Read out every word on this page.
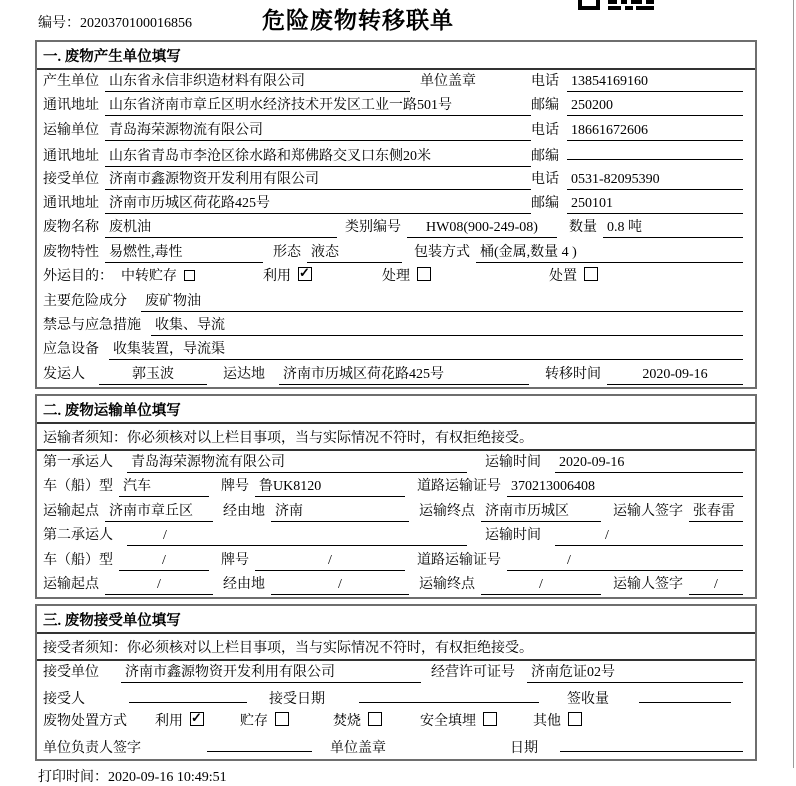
编号：2020370100016856	危险废物转移联单
一. 废物产生单位填写
产生单位 山东省永信非织造材料有限公司	单位盖章	电话 13854169160
通讯地址 山东省济南市章丘区明水经济技术开发区工业一路501号	邮编 250200
运输单位 青岛海荣源物流有限公司	电话 18661672606
通讯地址 山东省青岛市李沧区徐水路和郑佛路交叉口东侧20米	邮编
接受单位 济南市鑫源物资开发利用有限公司	电话 0531-82095390
通讯地址 济南市历城区荷花路425号	邮编 250101
废物名称 废机油	类别编号	HW08(900-249-08)	数量 0.8 吨
废物特性 易燃性,毒性	形态 液态	包装方式 桶(金属,数量 4 )
外运目的： 中转贮存	利用 ✓	处理	处置
主要危险成分 废矿物油
禁忌与应急措施 收集、导流
应急设备 收集装置，导流渠
发运人	郭玉波	运达地 济南市历城区荷花路425号	转移时间	2020-09-16
二. 废物运输单位填写
运输者须知：你必须核对以上栏目事项，当与实际情况不符时，有权拒绝接受。
第一承运人 青岛海荣源物流有限公司	运输时间 2020-09-16
车（船）型 汽车	牌号 鲁UK8120	道路运输证号 370213006408
运输起点 济南市章丘区	经由地 济南	运输终点 济南市历城区	运输人签字 张春雷
第二承运人	/	运输时间	/
车（船）型	/	牌号	/	道路运输证号	/
运输起点	/	经由地	/	运输终点	/	运输人签字	/
三. 废物接受单位填写
接受者须知：你必须核对以上栏目事项，当与实际情况不符时，有权拒绝接受。
接受单位 济南市鑫源物资开发利用有限公司	经营许可证号 济南危证02号
接受人	接受日期	签收量
废物处置方式 利用 ✓	贮存	焚烧	安全填埋	其他
单位负责人签字	单位盖章	日期
打印时间：2020-09-16 10:49:51
